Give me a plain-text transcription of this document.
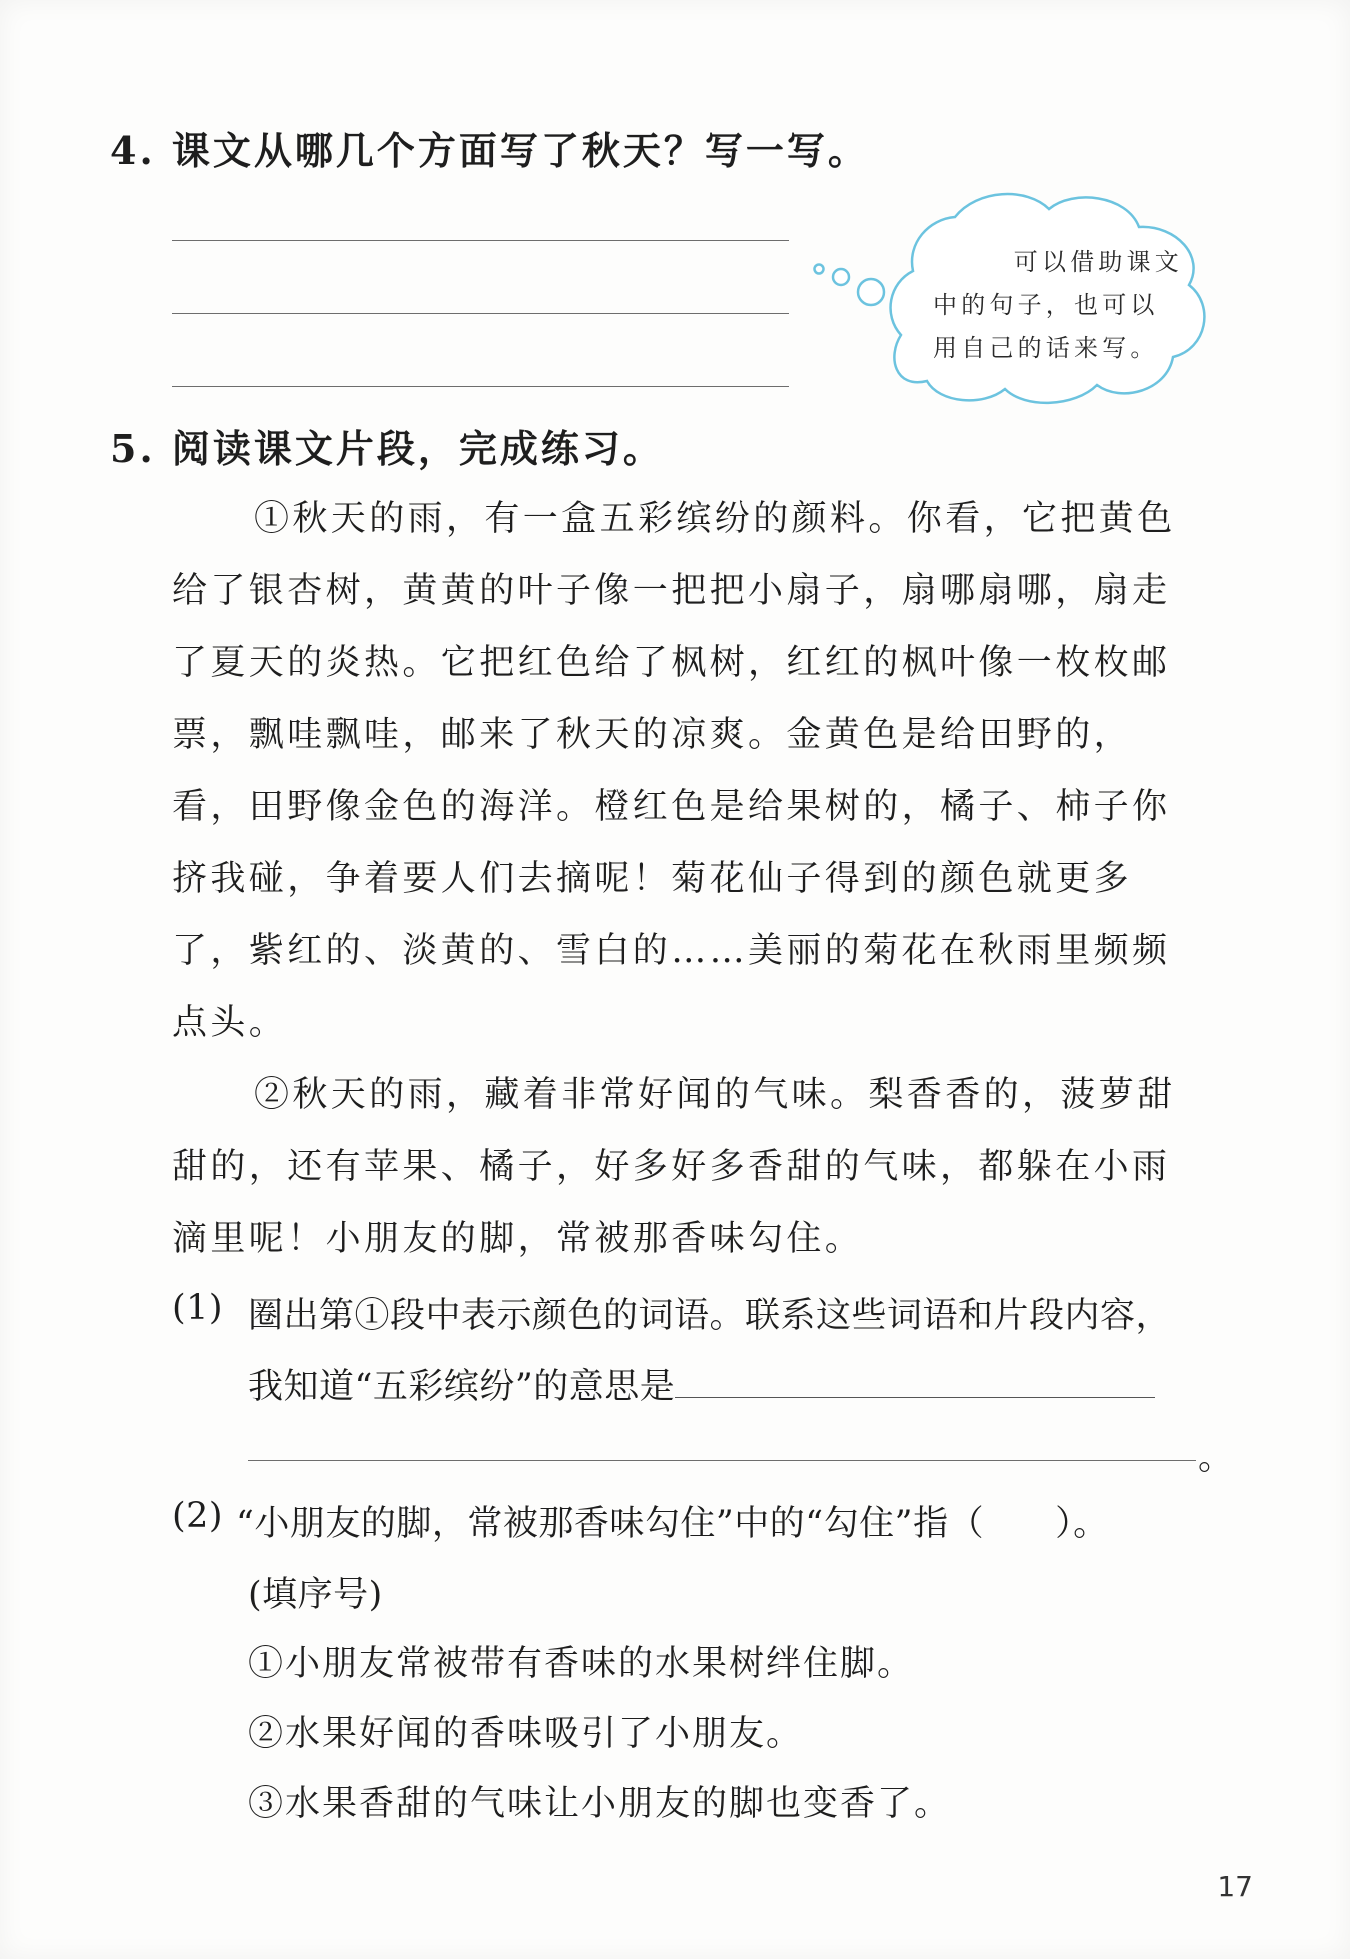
4. 课文从哪几个方面写了秋天？写一写。
可以借助课文
中的句子，也可以
用自己的话来写。
5. 阅读课文片段，完成练习。
①秋天的雨，有一盒五彩缤纷的颜料。你看，它把黄色
给了银杏树，黄黄的叶子像一把把小扇子，扇哪扇哪，扇走
了夏天的炎热。它把红色给了枫树，红红的枫叶像一枚枚邮
票，飘哇飘哇，邮来了秋天的凉爽。金黄色是给田野的，
看，田野像金色的海洋。橙红色是给果树的，橘子、柿子你
挤我碰，争着要人们去摘呢！菊花仙子得到的颜色就更多
了，紫红的、淡黄的、雪白的……美丽的菊花在秋雨里频频
点头。
②秋天的雨，藏着非常好闻的气味。梨香香的，菠萝甜
甜的，还有苹果、橘子，好多好多香甜的气味，都躲在小雨
滴里呢！小朋友的脚，常被那香味勾住。
(1) 圈出第①段中表示颜色的词语。联系这些词语和片段内容，
我知道“五彩缤纷”的意思是
。
(2) “小朋友的脚，常被那香味勾住”中的“勾住”指（　　）。
(填序号)
①小朋友常被带有香味的水果树绊住脚。
②水果好闻的香味吸引了小朋友。
③水果香甜的气味让小朋友的脚也变香了。
17
